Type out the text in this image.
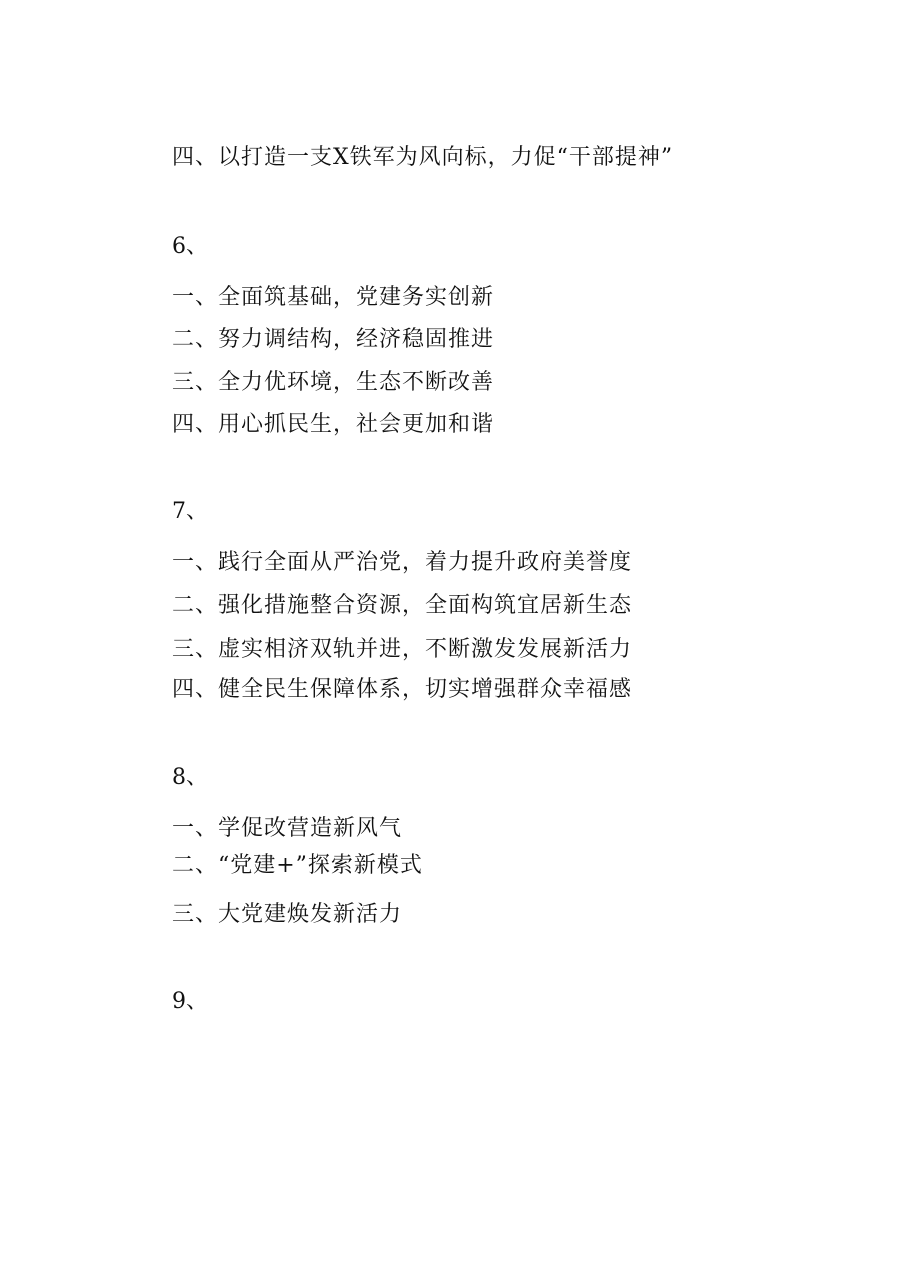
四、以打造一支X铁军为风向标，力促“干部提神”
6、
一、全面筑基础，党建务实创新
二、努力调结构，经济稳固推进
三、全力优环境，生态不断改善
四、用心抓民生，社会更加和谐
7、
一、践行全面从严治党，着力提升政府美誉度
二、强化措施整合资源，全面构筑宜居新生态
三、虚实相济双轨并进，不断激发发展新活力
四、健全民生保障体系，切实增强群众幸福感
8、
一、学促改营造新风气
二、“党建+”探索新模式
三、大党建焕发新活力
9、
